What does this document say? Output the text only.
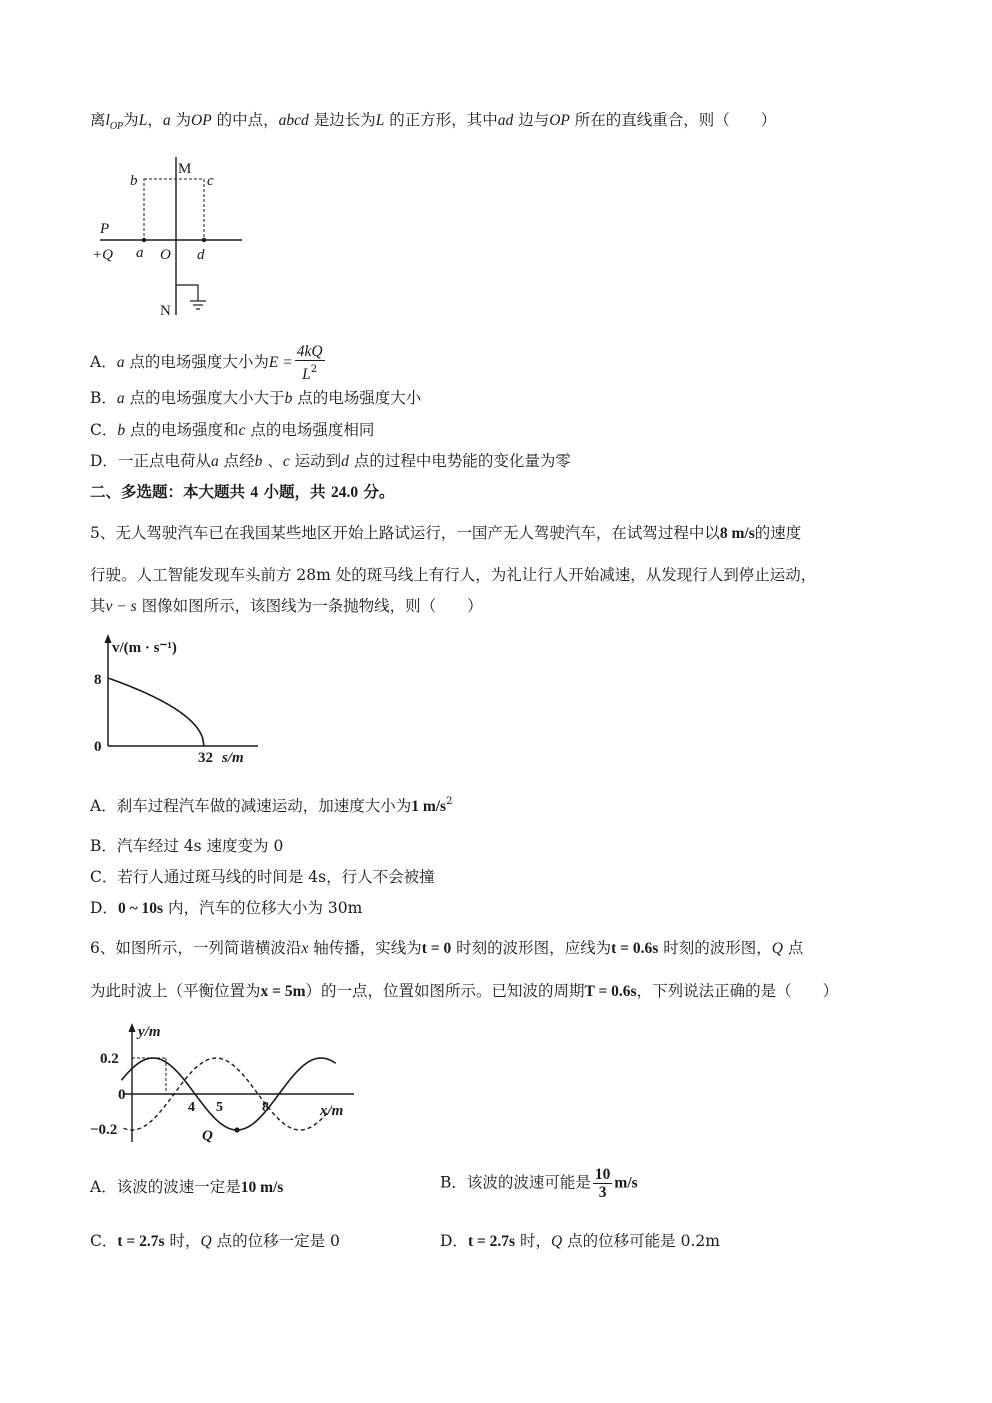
离$l_{OP}$为L，a 为OP 的中点，abcd 是边长为L 的正方形，其中ad 边与OP 所在的直线重合，则（　　）
b
M
c
P
+Q a O d
N
A．a 点的电场强度大小为$E = \frac{4kQ}{L^2}$
B．a 点的电场强度大小大于b 点的电场强度大小
C．b 点的电场强度和c 点的电场强度相同
D．一正点电荷从a 点经b 、c 运动到d 点的过程中电势能的变化量为零
二、多选题：本大题共 4 小题，共 24.0 分。
5、无人驾驶汽车已在我国某些地区开始上路试运行，一国产无人驾驶汽车，在试驾过程中以8 m/s的速度
行驶。人工智能发现车头前方 28m 处的斑马线上有行人，为礼让行人开始减速，从发现行人到停止运动，
其v − s 图像如图所示，该图线为一条抛物线，则（　　）
v/(m · s⁻¹)
8
0
32 s/m
A．刹车过程汽车做的减速运动，加速度大小为1 $m/s^2$
B．汽车经过 4s 速度变为 0
C．若行人通过斑马线的时间是 4s，行人不会被撞
D．0 ~ 10s 内，汽车的位移大小为 30m
6、如图所示，一列简谐横波沿x 轴传播，实线为t = 0 时刻的波形图，应线为t = 0.6s 时刻的波形图，Q 点
为此时波上（平衡位置为x = 5m）的一点，位置如图所示。已知波的周期T = 0.6s，下列说法正确的是（　　）
y/m
0.2
0
−0.2
4 5	8	x/m
Q
A．该波的波速一定是10 m/s	B．该波的波速可能是 $\frac{10}{3} m/s$
C．t = 2.7s 时，Q 点的位移一定是 0	D．t = 2.7s 时，Q 点的位移可能是 0.2m
